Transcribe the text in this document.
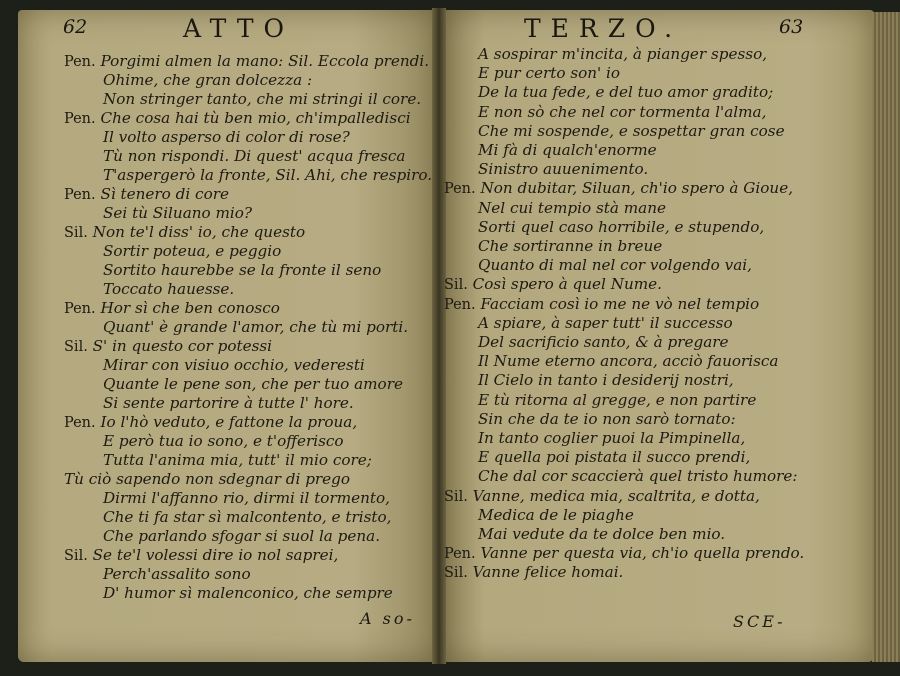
62	ATTO	TERZO.	63
Pen. Porgimi almen la mano: Sil. Eccola prendi.
Ohime, che gran dolcezza :
Non stringer tanto, che mi stringi il core.
Pen. Che cosa hai tù ben mio, ch'impalledisci
Il volto asperso di color di rose?
Tù non rispondi. Di quest' acqua fresca
T'aspergerò la fronte, Sil. Ahi, che respiro.
Pen. Sì tenero di core
Sei tù Siluano mio?
Sil. Non te'l diss' io, che questo
Sortir poteua, e peggio
Sortito haurebbe se la fronte il seno
Toccato hauesse.
Pen. Hor sì che ben conosco
Quant' è grande l'amor, che tù mi porti.
Sil. S' in questo cor potessi
Mirar con visiuo occhio, vederesti
Quante le pene son, che per tuo amore
Si sente partorire à tutte l' hore.
Pen. Io l'hò veduto, e fattone la proua,
E però tua io sono, e t'offerisco
Tutta l'anima mia, tutt' il mio core;
Tù ciò sapendo non sdegnar di prego
Dirmi l'affanno rio, dirmi il tormento,
Che ti fa star sì malcontento, e tristo,
Che parlando sfogar si suol la pena.
Sil. Se te'l volessi dire io nol saprei,
Perch'assalito sono
D' humor sì malenconico, che sempre
A sospirar m'incita, à pianger spesso,
E pur certo son' io
De la tua fede, e del tuo amor gradito;
E non sò che nel cor tormenta l'alma,
Che mi sospende, e sospettar gran cose
Mi fà di qualch'enorme
Sinistro auuenimento.
Pen. Non dubitar, Siluan, ch'io spero à Gioue,
Nel cui tempio stà mane
Sorti quel caso horribile, e stupendo,
Che sortiranne in breue
Quanto di mal nel cor volgendo vai,
Sil. Così spero à quel Nume.
Pen. Facciam così io me ne vò nel tempio
A spiare, à saper tutt' il successo
Del sacrificio santo, & à pregare
Il Nume eterno ancora, acciò fauorisca
Il Cielo in tanto i desiderij nostri,
E tù ritorna al gregge, e non partire
Sin che da te io non sarò tornato:
In tanto coglier puoi la Pimpinella,
E quella poi pistata il succo prendi,
Che dal cor scaccierà quel tristo humore:
Sil. Vanne, medica mia, scaltrita, e dotta,
Medica de le piaghe
Mai vedute da te dolce ben mio.
Pen. Vanne per questa via, ch'io quella prendo.
Sil. Vanne felice homai.
A so-	SCE-
